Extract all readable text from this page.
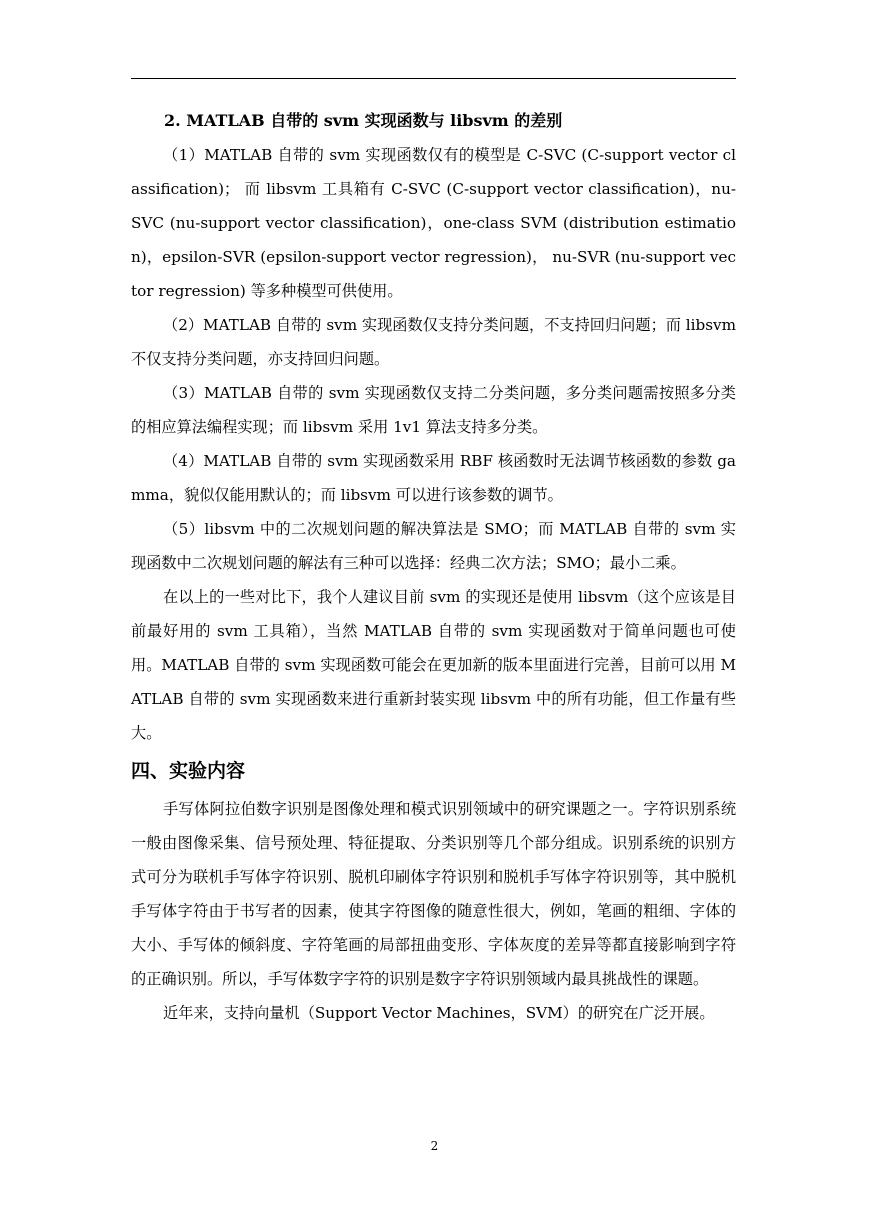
2. MATLAB 自带的 svm 实现函数与 libsvm 的差别

（1）MATLAB 自带的 svm 实现函数仅有的模型是 C-SVC (C-support vector classification)； 而 libsvm 工具箱有 C-SVC (C-support vector classification)，nu-SVC (nu-support vector classification)，one-class SVM (distribution estimation)，epsilon-SVR (epsilon-support vector regression)， nu-SVR (nu-support vector regression) 等多种模型可供使用。

（2）MATLAB 自带的 svm 实现函数仅支持分类问题，不支持回归问题；而 libsvm 不仅支持分类问题，亦支持回归问题。

（3）MATLAB 自带的 svm 实现函数仅支持二分类问题，多分类问题需按照多分类的相应算法编程实现；而 libsvm 采用 1v1 算法支持多分类。

（4）MATLAB 自带的 svm 实现函数采用 RBF 核函数时无法调节核函数的参数 gamma，貌似仅能用默认的；而 libsvm 可以进行该参数的调节。

（5）libsvm 中的二次规划问题的解决算法是 SMO；而 MATLAB 自带的 svm 实现函数中二次规划问题的解法有三种可以选择：经典二次方法；SMO；最小二乘。

在以上的一些对比下，我个人建议目前 svm 的实现还是使用 libsvm（这个应该是目前最好用的 svm 工具箱），当然 MATLAB 自带的 svm 实现函数对于简单问题也可使用。MATLAB 自带的 svm 实现函数可能会在更加新的版本里面进行完善，目前可以用 MATLAB 自带的 svm 实现函数来进行重新封装实现 libsvm 中的所有功能，但工作量有些大。

四、实验内容

手写体阿拉伯数字识别是图像处理和模式识别领域中的研究课题之一。字符识别系统一般由图像采集、信号预处理、特征提取、分类识别等几个部分组成。识别系统的识别方式可分为联机手写体字符识别、脱机印刷体字符识别和脱机手写体字符识别等，其中脱机手写体字符由于书写者的因素，使其字符图像的随意性很大，例如，笔画的粗细、字体的大小、手写体的倾斜度、字符笔画的局部扭曲变形、字体灰度的差异等都直接影响到字符的正确识别。所以，手写体数字字符的识别是数字字符识别领域内最具挑战性的课题。

近年来，支持向量机（Support Vector Machines，SVM）的研究在广泛开展。

2
